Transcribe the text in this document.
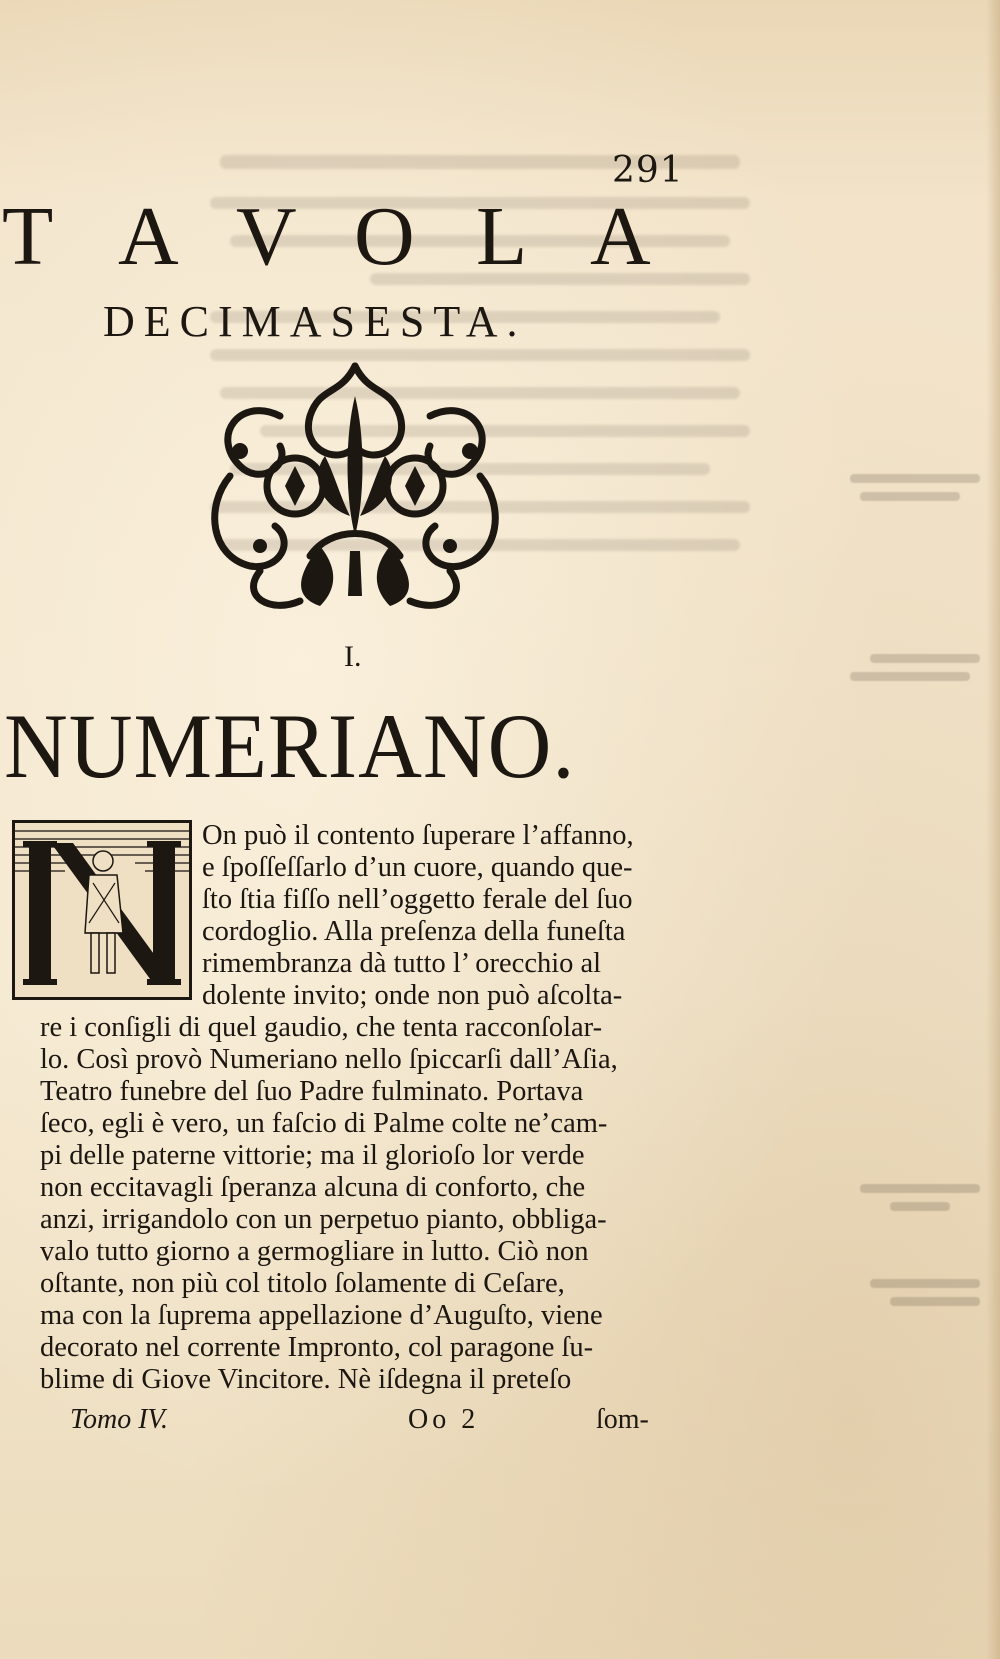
291
T A V O L A
DECIMASESTA.
I.
NUMERIANO.
On può il contento ſuperare l’affanno,
e ſpoſſeſſarlo d’un cuore, quando que-
ſto ſtia fiſſo nell’oggetto ferale del ſuo
cordoglio. Alla preſenza della funeſta
rimembranza dà tutto l’ orecchio al
dolente invito; onde non può aſcolta-
re i conſigli di quel gaudio, che tenta racconſolar-
lo. Così provò Numeriano nello ſpiccarſi dall’Aſia,
Teatro funebre del ſuo Padre fulminato. Portava
ſeco, egli è vero, un faſcio di Palme colte ne’cam-
pi delle paterne vittorie; ma il glorioſo lor verde
non eccitavagli ſperanza alcuna di conforto, che
anzi, irrigandolo con un perpetuo pianto, obbliga-
valo tutto giorno a germogliare in lutto. Ciò non
oſtante, non più col titolo ſolamente di Ceſare,
ma con la ſuprema appellazione d’Auguſto, viene
decorato nel corrente Impronto, col paragone ſu-
blime di Giove Vincitore. Nè iſdegna il preteſo
Tomo IV.	Oo 2	ſom-
